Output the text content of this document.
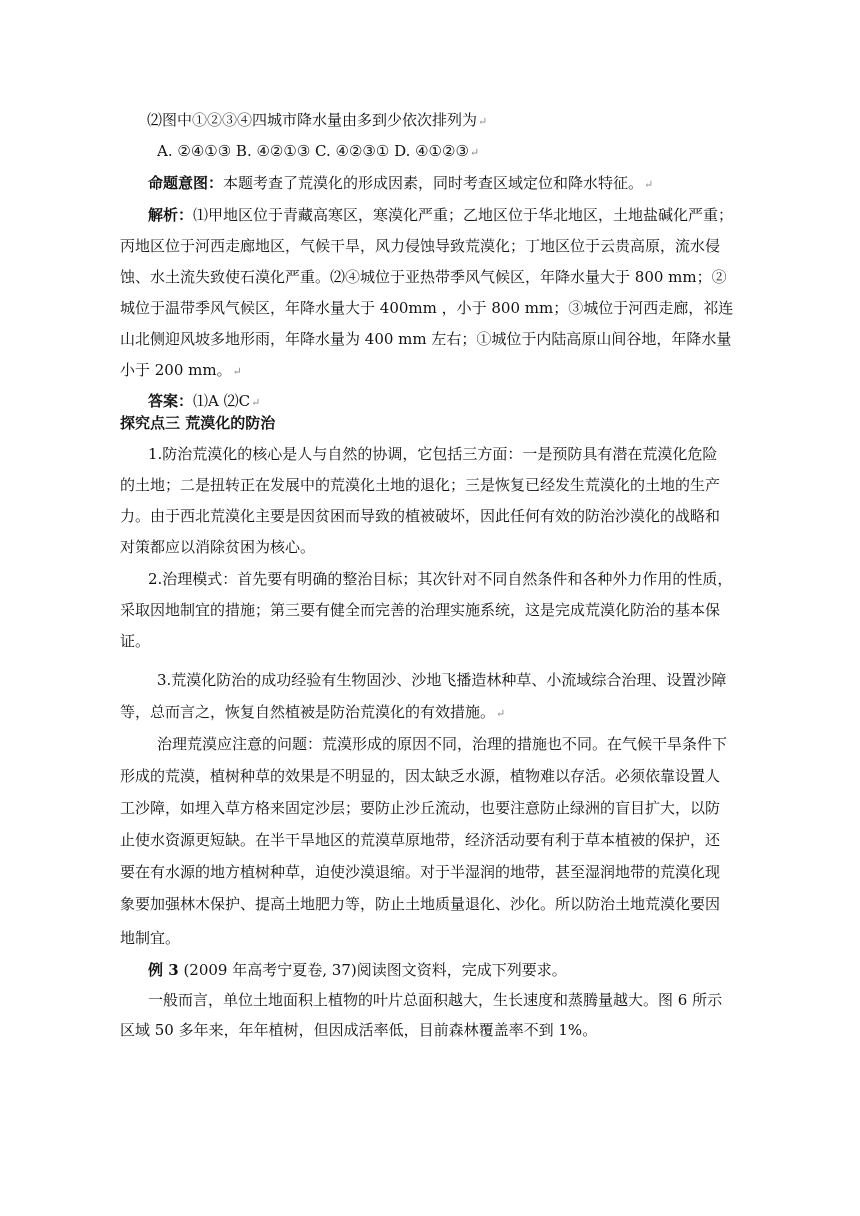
⑵图中①②③④四城市降水量由多到少依次排列为↵
A. ②④①③ B. ④②①③ C. ④②③① D. ④①②③↵
命题意图：本题考查了荒漠化的形成因素，同时考查区域定位和降水特征。↵
解析：⑴甲地区位于青藏高寒区，寒漠化严重；乙地区位于华北地区，土地盐碱化严重；
丙地区位于河西走廊地区，气候干旱，风力侵蚀导致荒漠化；丁地区位于云贵高原，流水侵
蚀、水土流失致使石漠化严重。⑵④城位于亚热带季风气候区，年降水量大于 800 mm；②
城位于温带季风气候区，年降水量大于 400mm ，小于 800 mm；③城位于河西走廊，祁连
山北侧迎风坡多地形雨，年降水量为 400 mm 左右；①城位于内陆高原山间谷地，年降水量
小于 200 mm。↵
答案：⑴A ⑵C↵
探究点三 荒漠化的防治
1.防治荒漠化的核心是人与自然的协调，它包括三方面：一是预防具有潜在荒漠化危险
的土地；二是扭转正在发展中的荒漠化土地的退化；三是恢复已经发生荒漠化的土地的生产
力。由于西北荒漠化主要是因贫困而导致的植被破坏，因此任何有效的防治沙漠化的战略和
对策都应以消除贫困为核心。
2.治理模式：首先要有明确的整治目标；其次针对不同自然条件和各种外力作用的性质，
采取因地制宜的措施；第三要有健全而完善的治理实施系统，这是完成荒漠化防治的基本保
证。
3.荒漠化防治的成功经验有生物固沙、沙地飞播造林种草、小流域综合治理、设置沙障
等，总而言之，恢复自然植被是防治荒漠化的有效措施。↵
治理荒漠应注意的问题：荒漠形成的原因不同，治理的措施也不同。在气候干旱条件下
形成的荒漠，植树种草的效果是不明显的，因太缺乏水源，植物难以存活。必须依靠设置人
工沙障，如埋入草方格来固定沙层；要防止沙丘流动，也要注意防止绿洲的盲目扩大，以防
止使水资源更短缺。在半干旱地区的荒漠草原地带，经济活动要有利于草本植被的保护，还
要在有水源的地方植树种草，迫使沙漠退缩。对于半湿润的地带，甚至湿润地带的荒漠化现
象要加强林木保护、提高土地肥力等，防止土地质量退化、沙化。所以防治土地荒漠化要因
地制宜。
例 3 (2009 年高考宁夏卷, 37)阅读图文资料，完成下列要求。
一般而言，单位土地面积上植物的叶片总面积越大，生长速度和蒸腾量越大。图 6 所示
区域 50 多年来，年年植树，但因成活率低，目前森林覆盖率不到 1%。
